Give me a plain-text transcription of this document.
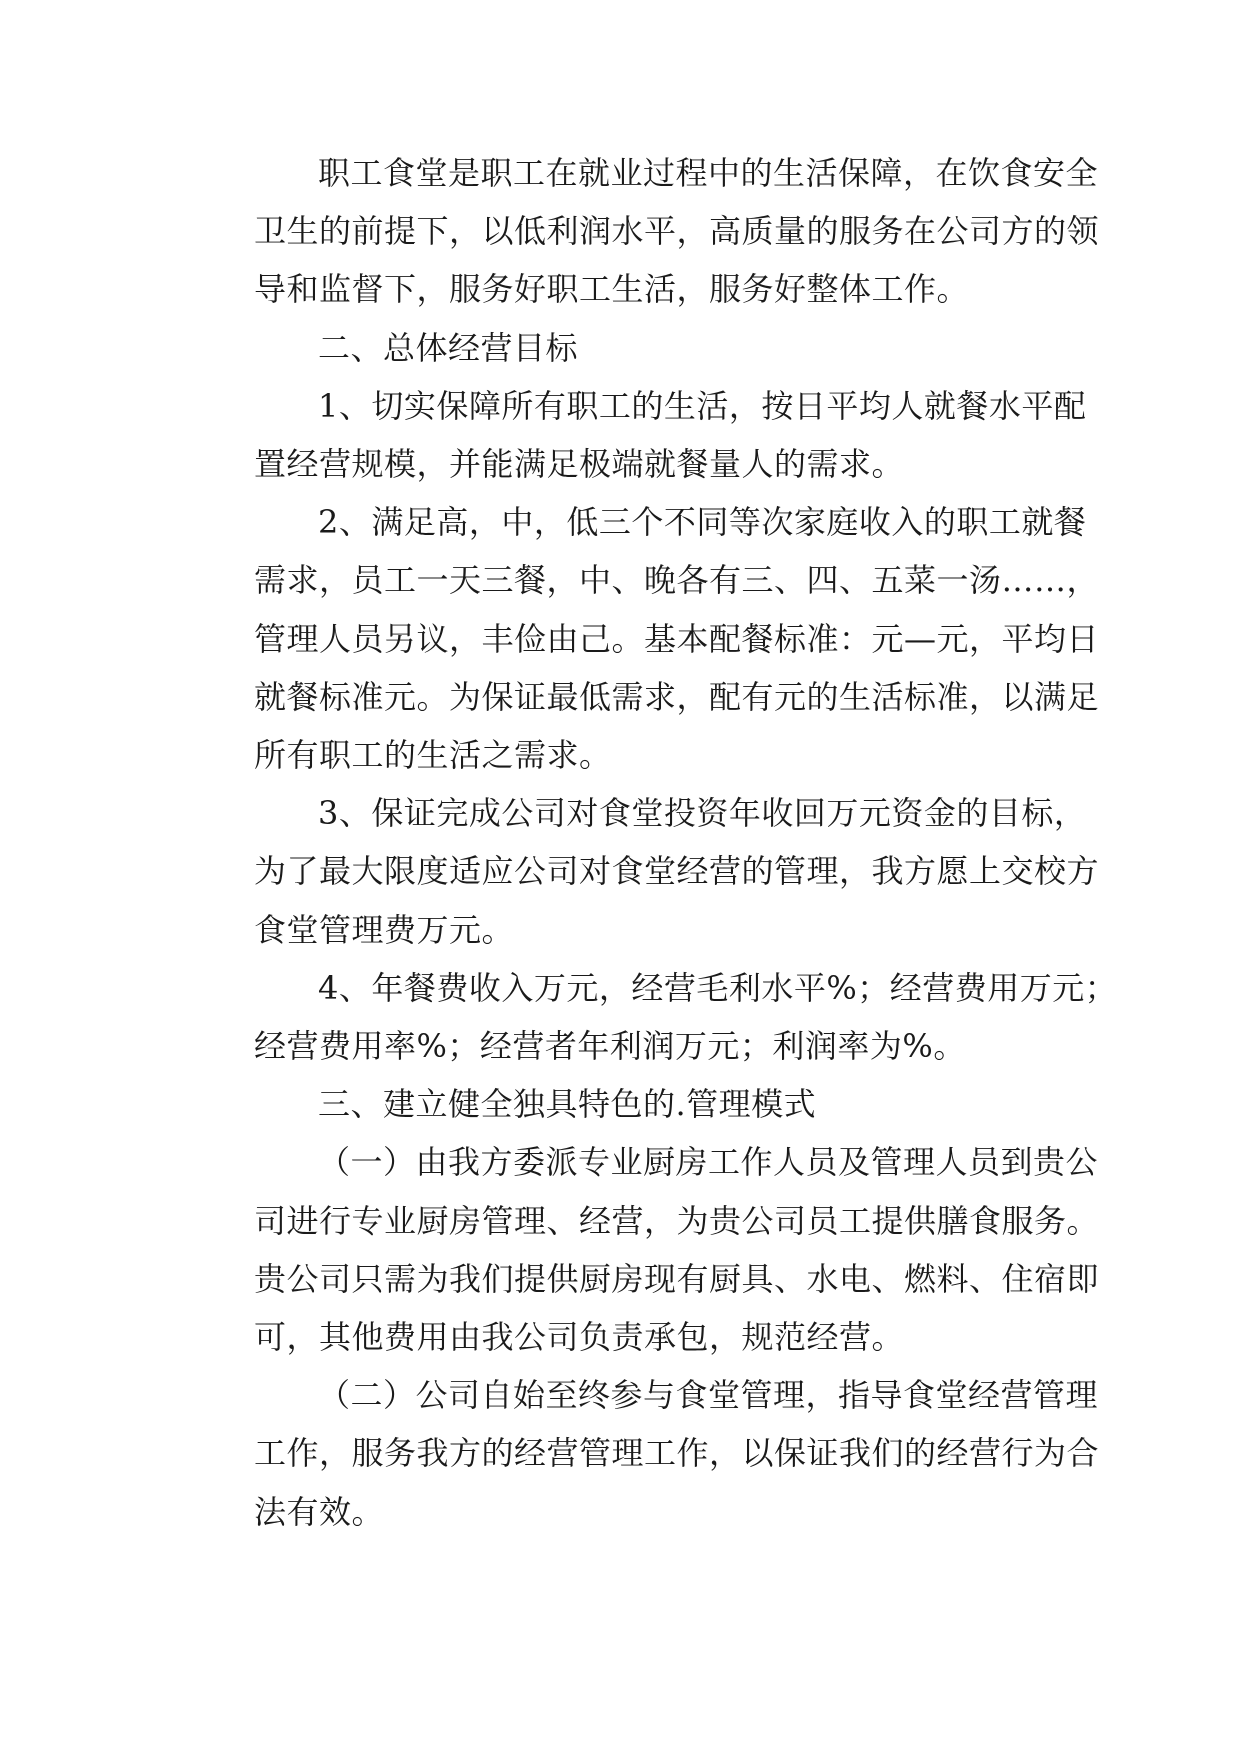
职工食堂是职工在就业过程中的生活保障，在饮食安全
卫生的前提下，以低利润水平，高质量的服务在公司方的领
导和监督下，服务好职工生活，服务好整体工作。

二、总体经营目标

1、切实保障所有职工的生活，按日平均人就餐水平配
置经营规模，并能满足极端就餐量人的需求。

2、满足高，中，低三个不同等次家庭收入的职工就餐
需求，员工一天三餐，中、晚各有三、四、五菜一汤……，
管理人员另议，丰俭由己。基本配餐标准：元—元，平均日
就餐标准元。为保证最低需求，配有元的生活标准，以满足
所有职工的生活之需求。

3、保证完成公司对食堂投资年收回万元资金的目标，
为了最大限度适应公司对食堂经营的管理，我方愿上交校方
食堂管理费万元。

4、年餐费收入万元，经营毛利水平%；经营费用万元；
经营费用率%；经营者年利润万元；利润率为%。

三、建立健全独具特色的.管理模式

（一）由我方委派专业厨房工作人员及管理人员到贵公
司进行专业厨房管理、经营，为贵公司员工提供膳食服务。
贵公司只需为我们提供厨房现有厨具、水电、燃料、住宿即
可，其他费用由我公司负责承包，规范经营。

（二）公司自始至终参与食堂管理，指导食堂经营管理
工作，服务我方的经营管理工作，以保证我们的经营行为合
法有效。
